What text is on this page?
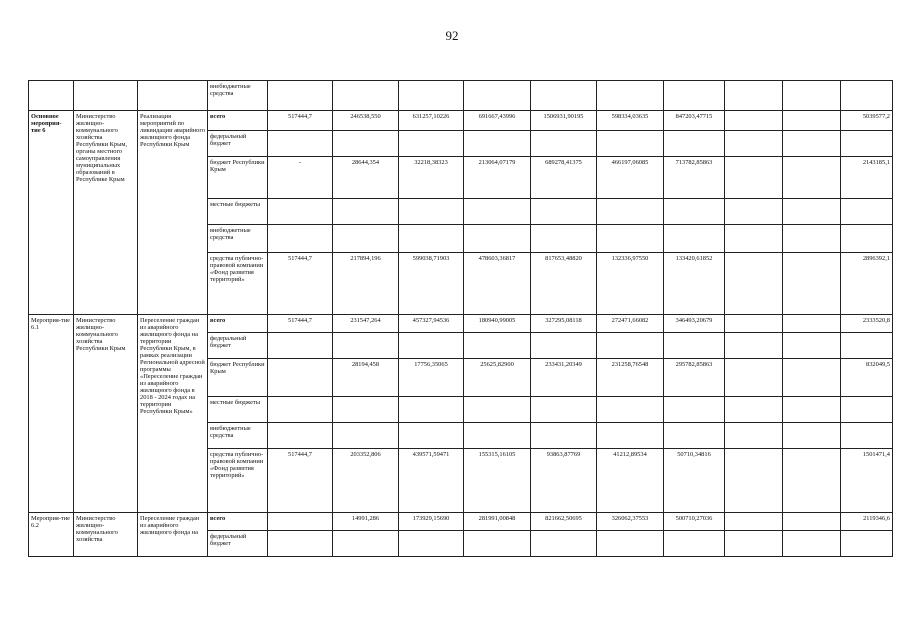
92
			внебюджетные средства										
Основное мероприя-тие 6	Министерство жилищно-коммунального хозяйства Республики Крым, органы местного самоуправления муниципальных образований в Республике Крым	Реализация мероприятий по ликвидации аварийного жилищного фонда Республики Крым	всего	517444,7	246538,550	631257,10226	691667,43996	1506931,90195	598334,03635	847203,47715			5039577,2
			федеральный бюджет										
			бюджет Республики Крым	-	28644,354	32218,38323	213064,07179	689278,41375	466197,06085	713782,85863			2143185,1
			местные бюджеты										
			внебюджетные средства										
			средства публично-правовой компании «Фонд развития территорий»	517444,7	217894,196	599038,71903	478603,36817	817653,48820	132336,97550	133420,61852			2896392,1
Мероприя-тие 6.1	Министерство жилищно-коммунального хозяйства Республики Крым	Переселение граждан из аварийного жилищного фонда на территории Республики Крым, в рамках реализации Региональной адресной программы «Переселение граждан из аварийного жилищного фонда в 2018 - 2024 годах на территории Республики Крым»	всего	517444,7	231547,264	457327,94536	180940,99005	327295,08118	272471,66082	346493,20679			2333520,8
			федеральный бюджет										
			бюджет Республики Крым		28194,458	17756,35065	25625,82900	233431,20349	231258,76548	295782,85863			832049,5
			местные бюджеты										
			внебюджетные средства										
			средства публично-правовой компании «Фонд развития территорий»	517444,7	203352,806	439571,59471	155315,16105	93863,87769	41212,89534	50710,34816			1501471,4
Мероприя-тие 6.2	Министерство жилищно-коммунального хозяйства	Переселение граждан из аварийного жилищного фонда на	всего		14991,286	173929,15690	281991,00848	821662,50695	326062,37553	500710,27036			2119346,6
			федеральный бюджет										
